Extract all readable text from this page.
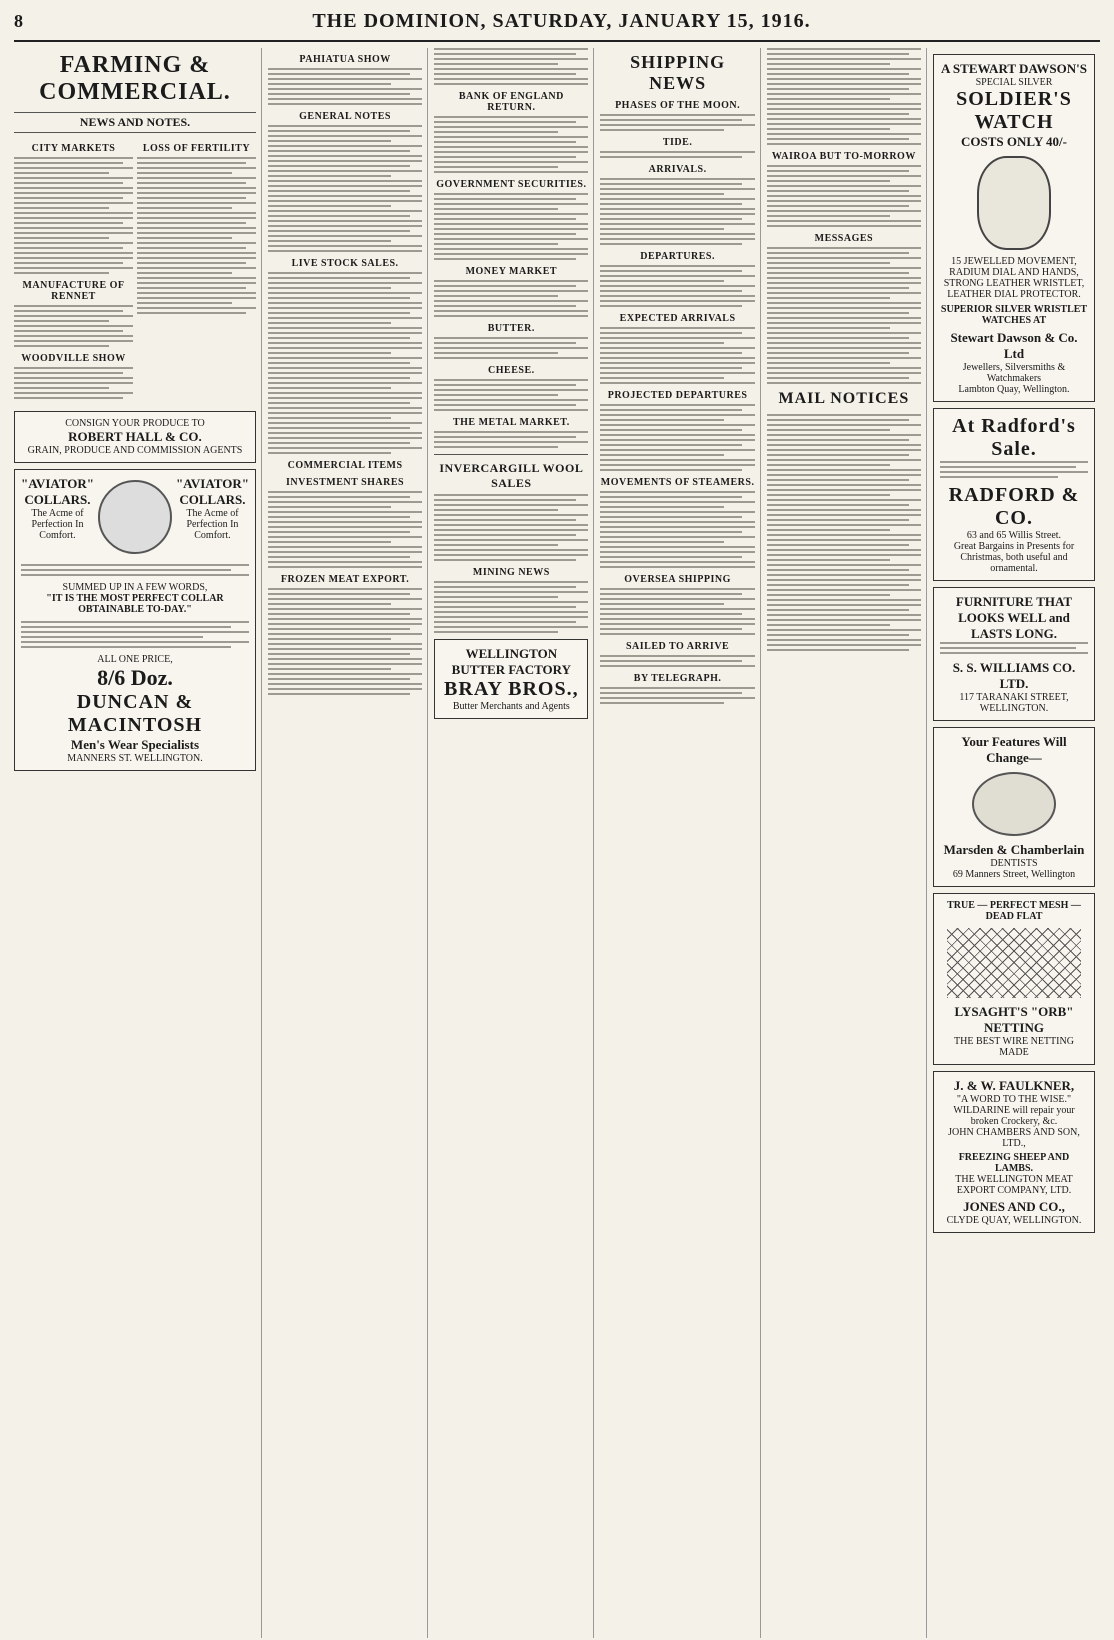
8	THE DOMINION, SATURDAY, JANUARY 15, 1916.
FARMING & COMMERCIAL.
NEWS AND NOTES.
CITY MARKETS
MANUFACTURE OF RENNET
WOODVILLE SHOW
LOSS OF FERTILITY
CONSIGN YOUR PRODUCE TO
ROBERT HALL & CO.
GRAIN, PRODUCE AND COMMISSION AGENTS
"AVIATOR" COLLARS.
The Acme of Perfection In Comfort.
"AVIATOR" COLLARS.
The Acme of Perfection In Comfort.
SUMMED UP IN A FEW WORDS,
"IT IS THE MOST PERFECT COLLAR OBTAINABLE TO-DAY."
ALL ONE PRICE,
8/6 Doz.
DUNCAN & MACINTOSH
Men's Wear Specialists
MANNERS ST. WELLINGTON.
PAHIATUA SHOW
GENERAL NOTES
LIVE STOCK SALES.
COMMERCIAL ITEMS
INVESTMENT SHARES
FROZEN MEAT EXPORT.
BANK OF ENGLAND RETURN.
GOVERNMENT SECURITIES.
MONEY MARKET
BUTTER.
CHEESE.
THE METAL MARKET.
INVERCARGILL WOOL SALES
MINING NEWS
WELLINGTON BUTTER FACTORY
BRAY BROS.,
Butter Merchants and Agents
SHIPPING NEWS
PHASES OF THE MOON.
TIDE.
ARRIVALS.
DEPARTURES.
EXPECTED ARRIVALS
PROJECTED DEPARTURES
MOVEMENTS OF STEAMERS.
OVERSEA SHIPPING
SAILED TO ARRIVE
BY TELEGRAPH.
WAIROA BUT TO-MORROW
MESSAGES
MAIL NOTICES
A STEWART DAWSON'S
SPECIAL SILVER
SOLDIER'S WATCH
COSTS ONLY 40/-
15 JEWELLED MOVEMENT, RADIUM DIAL AND HANDS, STRONG LEATHER WRISTLET, LEATHER DIAL PROTECTOR.
SUPERIOR SILVER WRISTLET WATCHES AT
Stewart Dawson & Co. Ltd
Jewellers, Silversmiths & Watchmakers
Lambton Quay, Wellington.
At Radford's Sale.
RADFORD & CO.
63 and 65 Willis Street.
Great Bargains in Presents for Christmas, both useful and ornamental.
FURNITURE THAT LOOKS WELL and LASTS LONG.
S. S. WILLIAMS CO. LTD.
117 TARANAKI STREET, WELLINGTON.
Your Features Will Change—
Marsden & Chamberlain
DENTISTS
69 Manners Street, Wellington
TRUE — PERFECT MESH — DEAD FLAT
LYSAGHT'S "ORB" NETTING
THE BEST WIRE NETTING MADE
J. & W. FAULKNER,
"A WORD TO THE WISE."
WILDARINE will repair your broken Crockery, &c.
JOHN CHAMBERS AND SON, LTD.,
FREEZING SHEEP AND LAMBS.
THE WELLINGTON MEAT EXPORT COMPANY, LTD.
JONES AND CO.,
CLYDE QUAY, WELLINGTON.
